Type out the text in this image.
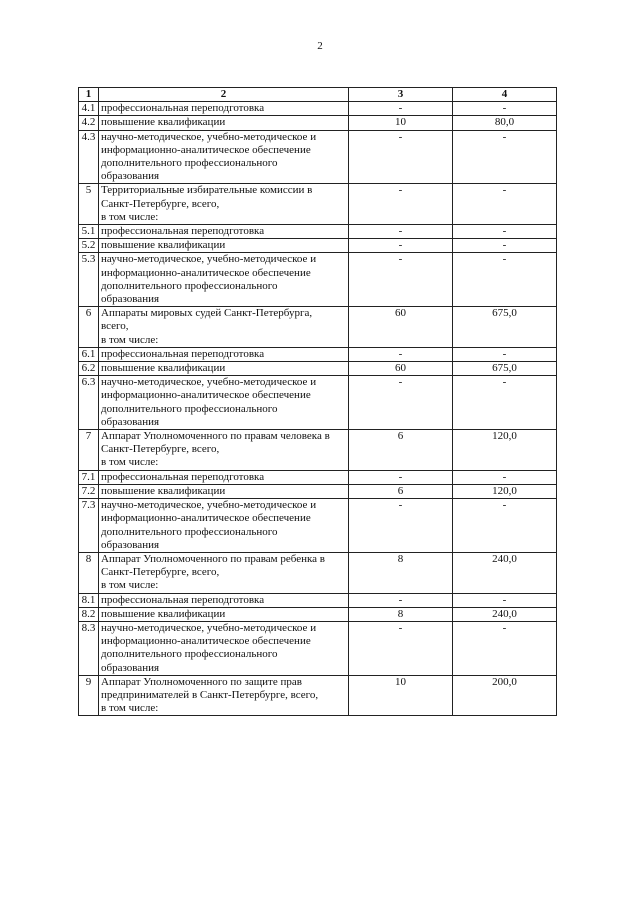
2
1	2	3	4
4.1	профессиональная переподготовка	-	-
4.2	повышение квалификации	10	80,0
4.3	научно-методическое, учебно-методическое и
информационно-аналитическое обеспечение
дополнительного профессионального
образования	-	-
5	Территориальные избирательные комиссии в
Санкт-Петербурге, всего,
в том числе:	-	-
5.1	профессиональная переподготовка	-	-
5.2	повышение квалификации	-	-
5.3	научно-методическое, учебно-методическое и
информационно-аналитическое обеспечение
дополнительного профессионального
образования	-	-
6	Аппараты мировых судей Санкт-Петербурга,
всего,
в том числе:	60	675,0
6.1	профессиональная переподготовка	-	-
6.2	повышение квалификации	60	675,0
6.3	научно-методическое, учебно-методическое и
информационно-аналитическое обеспечение
дополнительного профессионального
образования	-	-
7	Аппарат Уполномоченного по правам человека в
Санкт-Петербурге, всего,
в том числе:	6	120,0
7.1	профессиональная переподготовка	-	-
7.2	повышение квалификации	6	120,0
7.3	научно-методическое, учебно-методическое и
информационно-аналитическое обеспечение
дополнительного профессионального
образования	-	-
8	Аппарат Уполномоченного по правам ребенка в
Санкт-Петербурге, всего,
в том числе:	8	240,0
8.1	профессиональная переподготовка	-	-
8.2	повышение квалификации	8	240,0
8.3	научно-методическое, учебно-методическое и
информационно-аналитическое обеспечение
дополнительного профессионального
образования	-	-
9	Аппарат Уполномоченного по защите прав
предпринимателей в Санкт-Петербурге, всего,
в том числе:	10	200,0
